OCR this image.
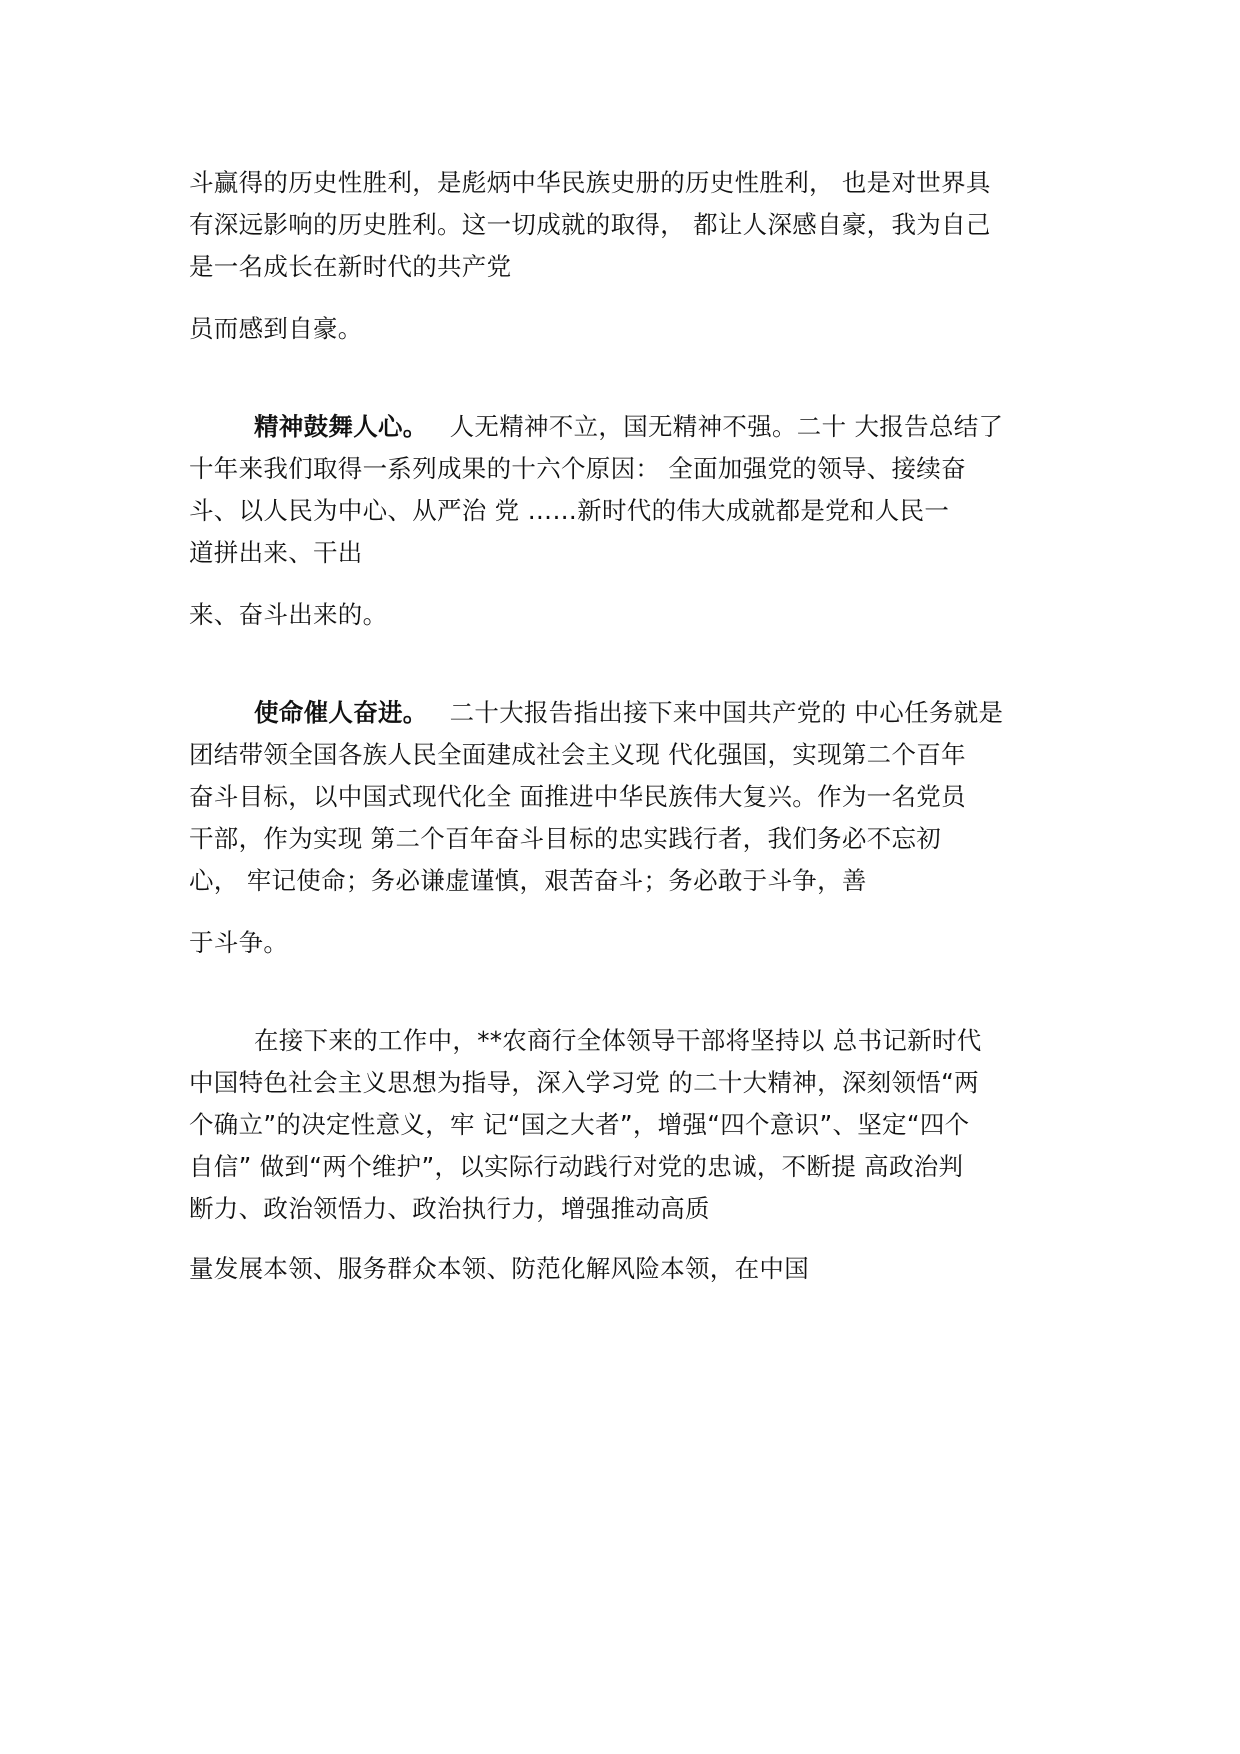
斗赢得的历史性胜利，是彪炳中华民族史册的历史性胜利， 也是对世界具

有深远影响的历史胜利。这一切成就的取得， 都让人深感自豪，我为自己

是一名成长在新时代的共产党

员而感到自豪。

精神鼓舞人心。 人无精神不立，国无精神不强。二十 大报告总结了

十年来我们取得一系列成果的十六个原因： 全面加强党的领导、接续奋

斗、以人民为中心、从严治 党 ……新时代的伟大成就都是党和人民一

道拼出来、干出

来、奋斗出来的。

使命催人奋进。 二十大报告指出接下来中国共产党的 中心任务就是

团结带领全国各族人民全面建成社会主义现 代化强国，实现第二个百年

奋斗目标，以中国式现代化全 面推进中华民族伟大复兴。作为一名党员

干部，作为实现 第二个百年奋斗目标的忠实践行者，我们务必不忘初

心， 牢记使命；务必谦虚谨慎，艰苦奋斗；务必敢于斗争，善

于斗争。

在接下来的工作中，**农商行全体领导干部将坚持以 总书记新时代

中国特色社会主义思想为指导，深入学习党 的二十大精神，深刻领悟“两

个确立”的决定性意义，牢 记“国之大者”，增强“四个意识”、坚定“四个

自信” 做到“两个维护”，以实际行动践行对党的忠诚，不断提 高政治判

断力、政治领悟力、政治执行力，增强推动高质

量发展本领、服务群众本领、防范化解风险本领，在中国
